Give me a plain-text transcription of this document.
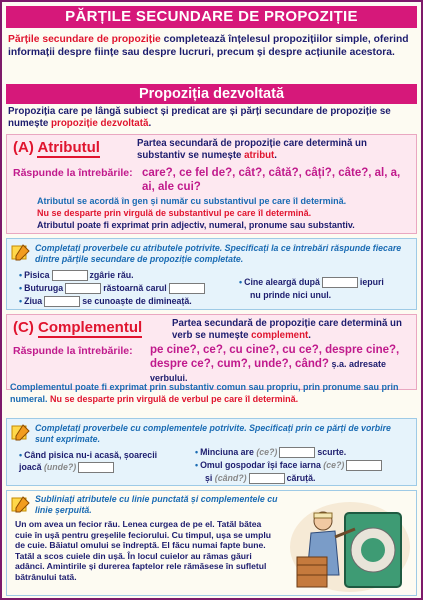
PĂRȚILE SECUNDARE DE PROPOZIȚIE
Părțile secundare de propoziție completează înțelesul propozițiilor simple, oferind informații despre ființe sau despre lucruri, precum și despre acțiunile acestora.
Propoziția dezvoltată
Propoziția care pe lângă subiect și predicat are și părți secundare de propoziție se numește propoziție dezvoltată.
(A) Atributul	Partea secundară de propoziție care determină un substantiv se numește atribut.
Răspunde la întrebările: care?, ce fel de?, cât?, câtă?, câți?, câte?, al, a, ai, ale cui?
Atributul se acordă în gen și număr cu substantivul pe care îl determină.
Nu se desparte prin virgulă de substantivul pe care îl determină.
Atributul poate fi exprimat prin adjectiv, numeral, pronume sau substantiv.
Completați proverbele cu atributele potrivite. Specificați la ce întrebări răspunde fiecare dintre părțile secundare de propoziție completate.
• Pisica	zgârie rău.
• Buturuga	răstoarnă carul
• Ziua	se cunoaște de dimineață.
• Cine aleargă după	iepuri
nu prinde nici unul.
(C) Complementul	Partea secundară de propoziție care determină un verb se numește complement.
Răspunde la întrebările: pe cine?, ce?, cu cine?, cu ce?, despre cine?, despre ce?, cum?, unde?, când? ș.a. adresate verbului.
Complementul poate fi exprimat prin substantiv comun sau propriu, prin pronume sau prin numeral. Nu se desparte prin virgulă de verbul pe care îl determină.
Completați proverbele cu complementele potrivite. Specificați prin ce părți de vorbire sunt exprimate.
• Când pisica nu-i acasă, șoarecii joacă (unde?)
• Minciuna are (ce?)	scurte.
• Omul gospodar își face iarna (ce?)
și (când?)	căruță.
Subliniați atributele cu linie punctată și complementele cu linie șerpuită.
Un om avea un fecior rău. Lenea curgea de pe el. Tatăl bătea cuie în ușă pentru greșelile feciorului. Cu timpul, ușa se umplu de cuie. Băiatul omului se îndreptă. El făcu numai fapte bune. Tatăl a scos cuiele din ușă. În locul cuielor au rămas găuri adânci. Amintirile și durerea faptelor rele rămăsese în sufletul bătrânului tată.
